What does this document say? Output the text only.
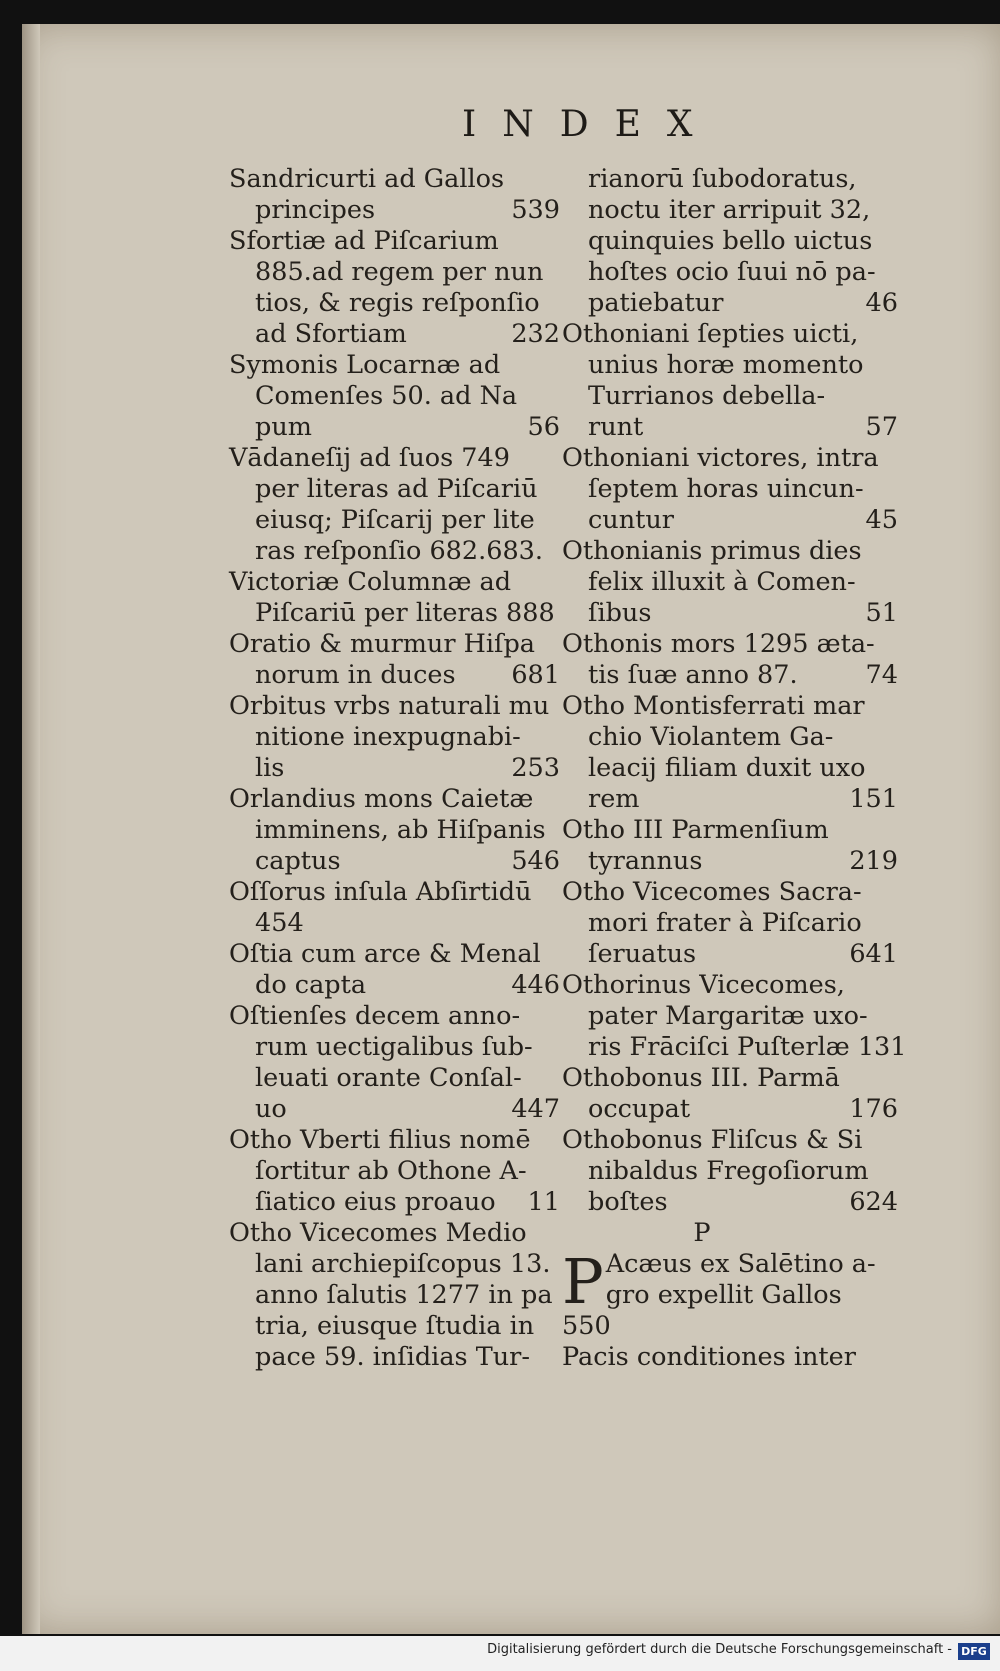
INDEX
Sandricurti ad Gallos
principes	539
Sfortiæ ad Piſcarium
885.ad regem per nun
tios, & regis reſponſio
ad Sfortiam	232
Symonis Locarnæ ad
Comenſes 50. ad Na
pum	56
Vādaneſij ad ſuos 749
per literas ad Piſcariū
eiusq; Piſcarij per lite
ras reſponſio 682.683.
Victoriæ Columnæ ad
Piſcariū per literas 888
Oratio & murmur Hiſpa
norum in duces 681
Orbitus vrbs naturali mu
nitione inexpugnabi-
lis	253
Orlandius mons Caietæ
imminens, ab Hiſpanis
captus	546
Oſſorus inſula Abſirtidū
454
Oſtia cum arce & Menal
do capta	446
Oſtienſes decem anno-
rum uectigalibus ſub-
leuati orante Conſal-
uo	447
Otho Vberti filius nomē
ſortitur ab Othone A-
ſiatico eius proauo 11
Otho Vicecomes Medio
lani archiepiſcopus 13.
anno ſalutis 1277 in pa
tria, eiusque ſtudia in
pace 59. inſidias Tur-
rianorū ſubodoratus,
noctu iter arripuit 32,
quinquies bello uictus
hoſtes ocio ſuui nō pa-
patiebatur	46
Othoniani ſepties uicti,
unius horæ momento
Turrianos debella-
runt	57
Othoniani victores, intra
ſeptem horas uincun-
cuntur	45
Othonianis primus dies
felix illuxit à Comen-
ſibus	51
Othonis mors 1295 æta-
tis ſuæ anno 87.	74
Otho Montisferrati mar
chio Violantem Ga-
leacij filiam duxit uxo
rem	151
Otho III Parmenſium
tyrannus	219
Otho Vicecomes Sacra-
mori frater à Piſcario
ſeruatus	641
Othorinus Vicecomes,
pater Margaritæ uxo-
ris Frāciſci Puſterlæ 131
Othobonus III. Parmā
occupat	176
Othobonus Fliſcus & Si
nibaldus Fregoſiorum
boſtes	624
P
P Acæus ex Salētino a-
gro expellit Gallos
550
Pacis conditiones inter
Digitalisierung gefördert durch die Deutsche Forschungsgemeinschaft - DFG
